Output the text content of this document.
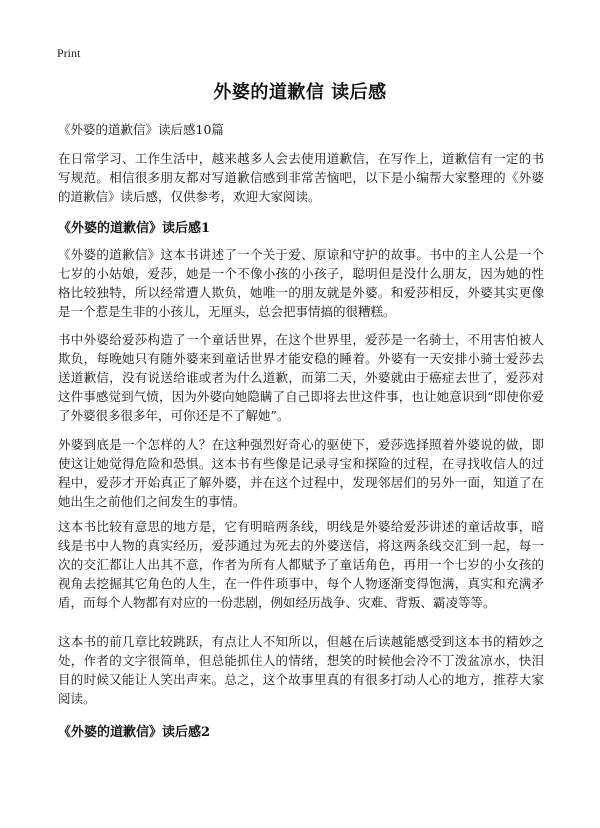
Print
外婆的道歉信 读后感
《外婆的道歉信》读后感10篇
在日常学习、工作生活中，越来越多人会去使用道歉信，在写作上，道歉信有一定的书写规范。相信很多朋友都对写道歉信感到非常苦恼吧，以下是小编帮大家整理的《外婆的道歉信》读后感，仅供参考，欢迎大家阅读。
《外婆的道歉信》读后感1
《外婆的道歉信》这本书讲述了一个关于爱、原谅和守护的故事。书中的主人公是一个七岁的小姑娘，爱莎，她是一个不像小孩的小孩子，聪明但是没什么朋友，因为她的性格比较独特，所以经常遭人欺负，她唯一的朋友就是外婆。和爱莎相反，外婆其实更像是一个惹是生非的小孩儿，无厘头，总会把事情搞的很糟糕。
书中外婆给爱莎构造了一个童话世界，在这个世界里，爱莎是一名骑士，不用害怕被人欺负，每晚她只有随外婆来到童话世界才能安稳的睡着。外婆有一天安排小骑士爱莎去送道歉信，没有说送给谁或者为什么道歉，而第二天，外婆就由于癌症去世了，爱莎对这件事感觉到气愤，因为外婆向她隐瞒了自己即将去世这件事，也让她意识到“即使你爱了外婆很多很多年，可你还是不了解她”。
外婆到底是一个怎样的人？在这种强烈好奇心的驱使下，爱莎选择照着外婆说的做，即使这让她觉得危险和恐惧。这本书有些像是记录寻宝和探险的过程，在寻找收信人的过程中，爱莎才开始真正了解外婆，并在这个过程中，发现邻居们的另外一面，知道了在她出生之前他们之间发生的事情。
这本书比较有意思的地方是，它有明暗两条线，明线是外婆给爱莎讲述的童话故事，暗线是书中人物的真实经历，爱莎通过为死去的外婆送信，将这两条线交汇到一起，每一次的交汇都让人出其不意，作者为所有人都赋予了童话角色，再用一个七岁的小女孩的视角去挖掘其它角色的人生，在一件件琐事中，每个人物逐渐变得饱满，真实和充满矛盾，而每个人物都有对应的一份悲剧，例如经历战争、灾难、背叛、霸凌等等。
这本书的前几章比较跳跃，有点让人不知所以，但越在后读越能感受到这本书的精妙之处，作者的文字很简单，但总能抓住人的情绪，想笑的时候他会冷不丁泼盆凉水，快泪目的时候又能让人笑出声来。总之，这个故事里真的有很多打动人心的地方，推荐大家阅读。
《外婆的道歉信》读后感2
